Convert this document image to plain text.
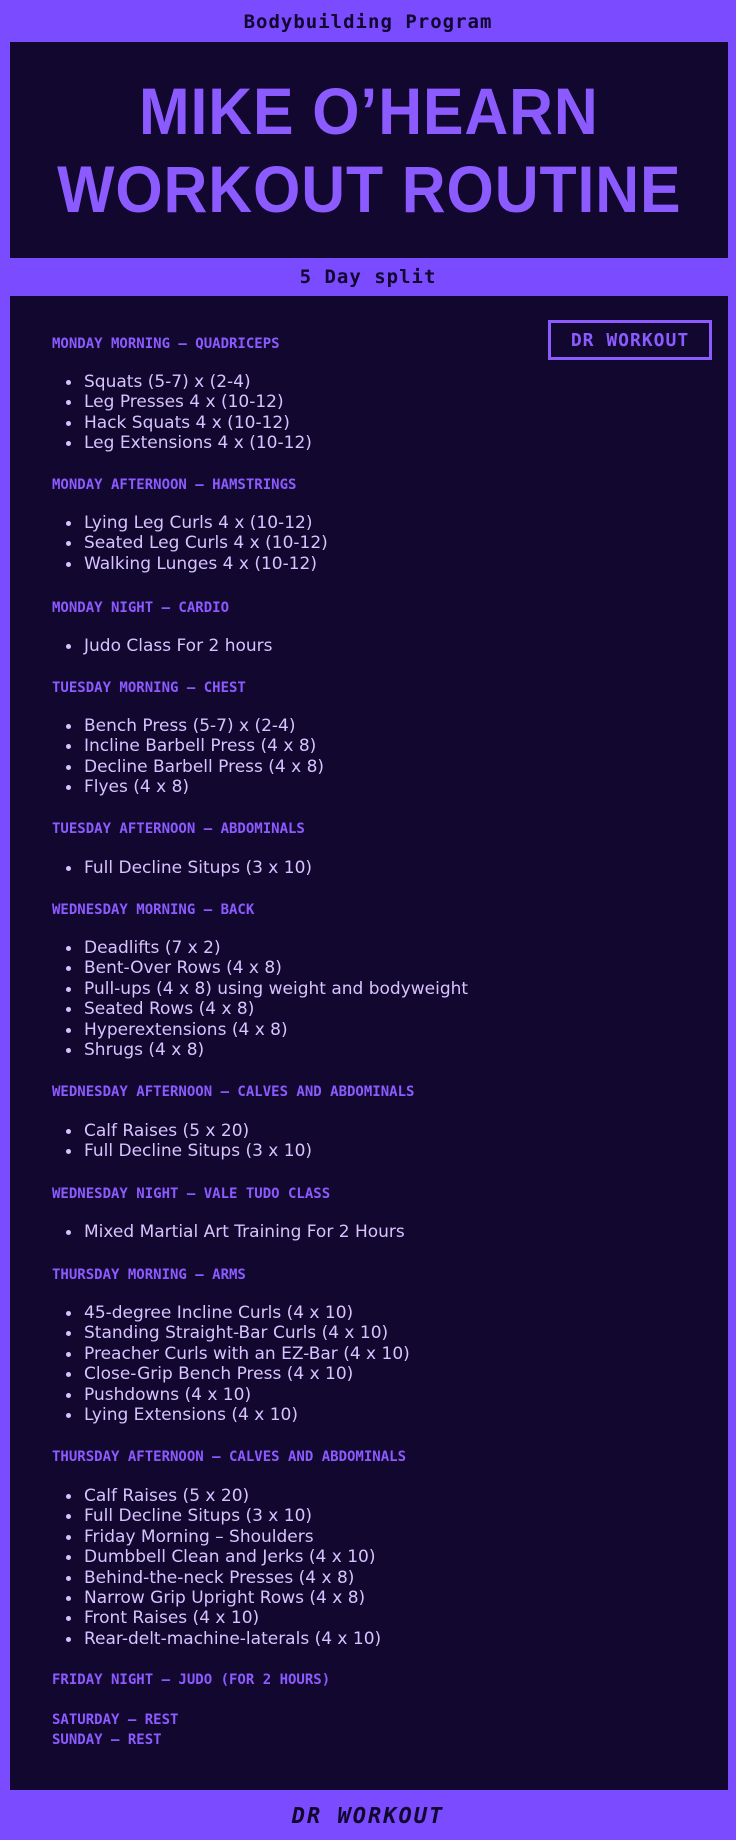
Bodybuilding Program
MIKE O’HEARN
WORKOUT ROUTINE
5 Day split
DR WORKOUT
MONDAY MORNING – QUADRICEPS
Squats (5-7) x (2-4)
Leg Presses 4 x (10-12)
Hack Squats 4 x (10-12)
Leg Extensions 4 x (10-12)
MONDAY AFTERNOON – HAMSTRINGS
Lying Leg Curls 4 x (10-12)
Seated Leg Curls 4 x (10-12)
Walking Lunges 4 x (10-12)
MONDAY NIGHT – CARDIO
Judo Class For 2 hours
TUESDAY MORNING – CHEST
Bench Press (5-7) x (2-4)
Incline Barbell Press (4 x 8)
Decline Barbell Press (4 x 8)
Flyes (4 x 8)
TUESDAY AFTERNOON – ABDOMINALS
Full Decline Situps (3 x 10)
WEDNESDAY MORNING – BACK
Deadlifts (7 x 2)
Bent-Over Rows (4 x 8)
Pull-ups (4 x 8) using weight and bodyweight
Seated Rows (4 x 8)
Hyperextensions (4 x 8)
Shrugs (4 x 8)
WEDNESDAY AFTERNOON – CALVES AND ABDOMINALS
Calf Raises (5 x 20)
Full Decline Situps (3 x 10)
WEDNESDAY NIGHT – VALE TUDO CLASS
Mixed Martial Art Training For 2 Hours
THURSDAY MORNING – ARMS
45-degree Incline Curls (4 x 10)
Standing Straight-Bar Curls (4 x 10)
Preacher Curls with an EZ-Bar (4 x 10)
Close-Grip Bench Press (4 x 10)
Pushdowns (4 x 10)
Lying Extensions (4 x 10)
THURSDAY AFTERNOON – CALVES AND ABDOMINALS
Calf Raises (5 x 20)
Full Decline Situps (3 x 10)
Friday Morning – Shoulders
Dumbbell Clean and Jerks (4 x 10)
Behind-the-neck Presses (4 x 8)
Narrow Grip Upright Rows (4 x 8)
Front Raises (4 x 10)
Rear-delt-machine-laterals (4 x 10)
FRIDAY NIGHT – JUDO (FOR 2 HOURS)
SATURDAY – REST
SUNDAY – REST
DR WORKOUT
